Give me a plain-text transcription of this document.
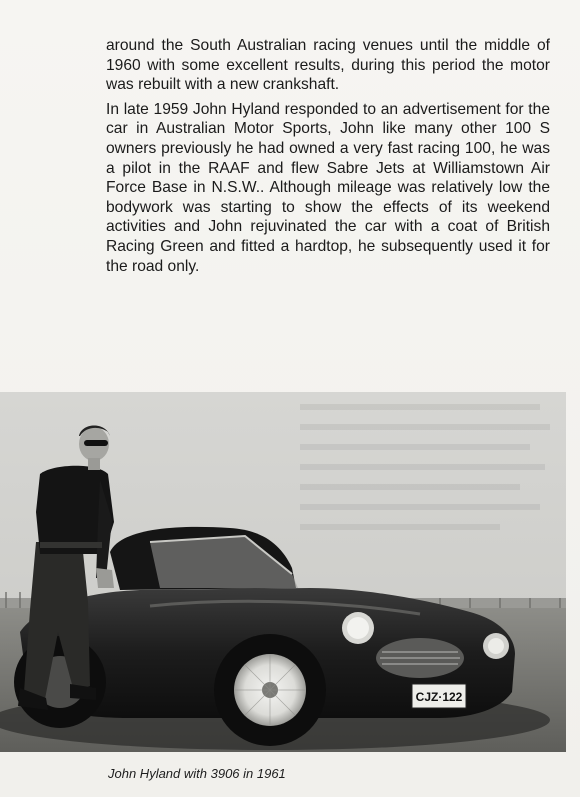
around the South Australian racing venues until the middle of 1960 with some excellent results, during this period the motor was rebuilt with a new crankshaft.

In late 1959 John Hyland responded to an advertisement for the car in Australian Motor Sports, John like many other 100 S owners previously he had owned a very fast racing 100, he was a pilot in the RAAF and flew Sabre Jets at Williamstown Air Force Base in N.S.W.. Although mileage was relatively low the bodywork was starting to show the effects of its weekend activities and John rejuvinated the car with a coat of British Racing Green and fitted a hardtop, he subsequently used it for the road only.

CJZ·122
John Hyland with 3906 in 1961
